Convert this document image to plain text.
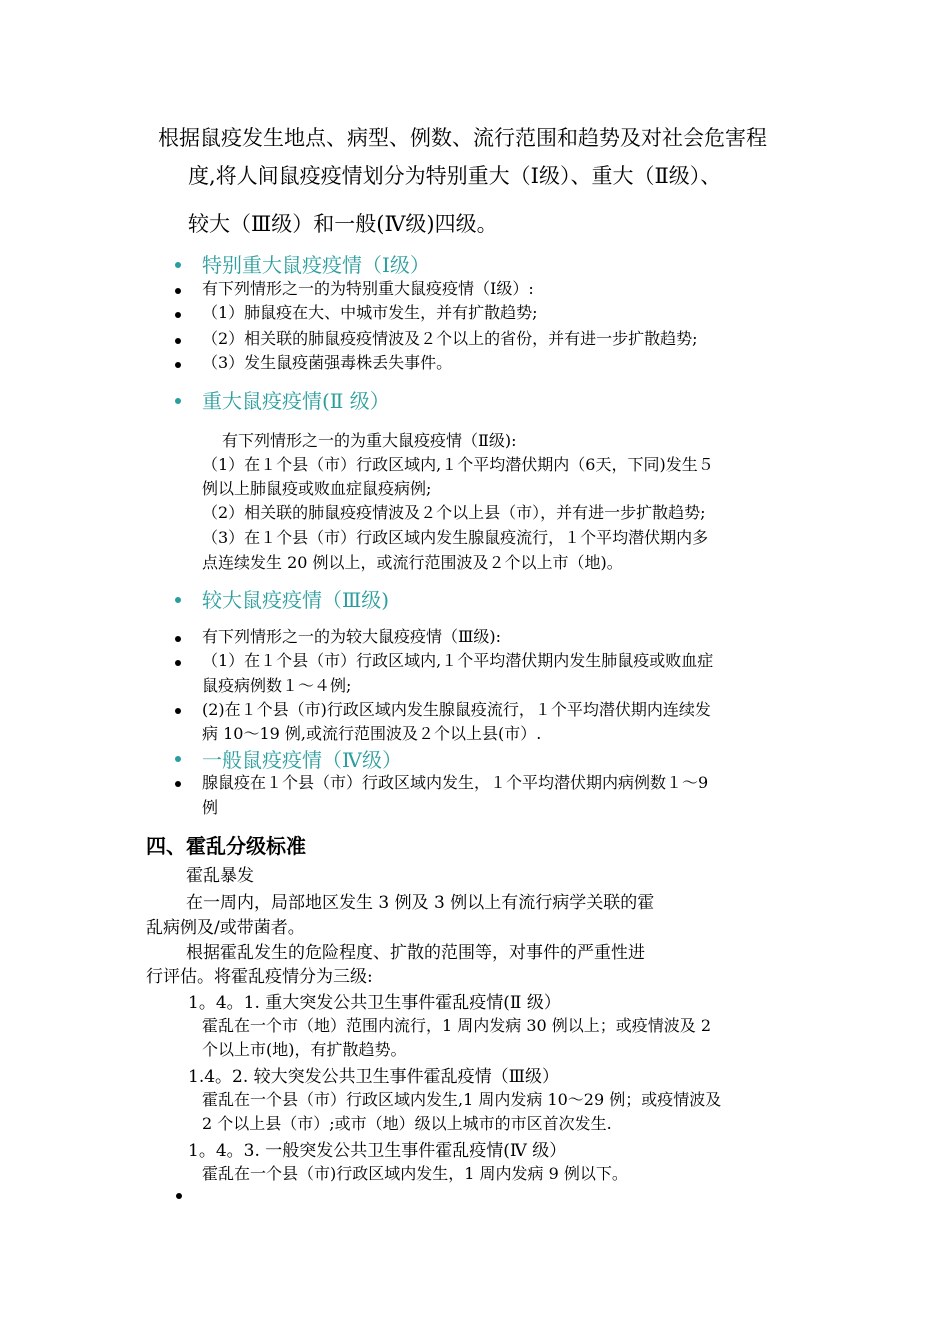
根据鼠疫发生地点、病型、例数、流行范围和趋势及对社会危害程
度,将人间鼠疫疫情划分为特别重大（Ⅰ级）、重大（Ⅱ级）、
较大（Ⅲ级）和一般(Ⅳ级)四级。
特别重大鼠疫疫情（Ⅰ级）
有下列情形之一的为特别重大鼠疫疫情（Ⅰ级）:
（1）肺鼠疫在大、中城市发生，并有扩散趋势;
（2）相关联的肺鼠疫疫情波及２个以上的省份，并有进一步扩散趋势;
（3）发生鼠疫菌强毒株丢失事件。
重大鼠疫疫情(Ⅱ 级）
有下列情形之一的为重大鼠疫疫情（Ⅱ级):
（1）在１个县（市）行政区域内,１个平均潜伏期内（6天，下同)发生５
例以上肺鼠疫或败血症鼠疫病例;
（2）相关联的肺鼠疫疫情波及２个以上县（市），并有进一步扩散趋势;
（3）在１个县（市）行政区域内发生腺鼠疫流行，１个平均潜伏期内多
点连续发生 20 例以上，或流行范围波及２个以上市（地)。
较大鼠疫疫情（Ⅲ级)
有下列情形之一的为较大鼠疫疫情（Ⅲ级):
（1）在１个县（市）行政区域内,１个平均潜伏期内发生肺鼠疫或败血症
鼠疫病例数１～４例;
(2)在１个县（市)行政区域内发生腺鼠疫流行，１个平均潜伏期内连续发
病 10～19 例,或流行范围波及２个以上县(市）.
一般鼠疫疫情（Ⅳ级）
腺鼠疫在１个县（市）行政区域内发生，１个平均潜伏期内病例数１～9
例
四、霍乱分级标准
霍乱暴发
在一周内，局部地区发生 3 例及 3 例以上有流行病学关联的霍
乱病例及/或带菌者。
根据霍乱发生的危险程度、扩散的范围等，对事件的严重性进
行评估。将霍乱疫情分为三级:
1。4。1. 重大突发公共卫生事件霍乱疫情(Ⅱ 级）
霍乱在一个市（地）范围内流行，1 周内发病 30 例以上；或疫情波及 2
个以上市(地)，有扩散趋势。
1.4。2. 较大突发公共卫生事件霍乱疫情（Ⅲ级）
霍乱在一个县（市）行政区域内发生,1 周内发病 10～29 例；或疫情波及
2 个以上县（市）;或市（地）级以上城市的市区首次发生.
1。4。3. 一般突发公共卫生事件霍乱疫情(Ⅳ 级）
霍乱在一个县（市)行政区域内发生，1 周内发病 9 例以下。
